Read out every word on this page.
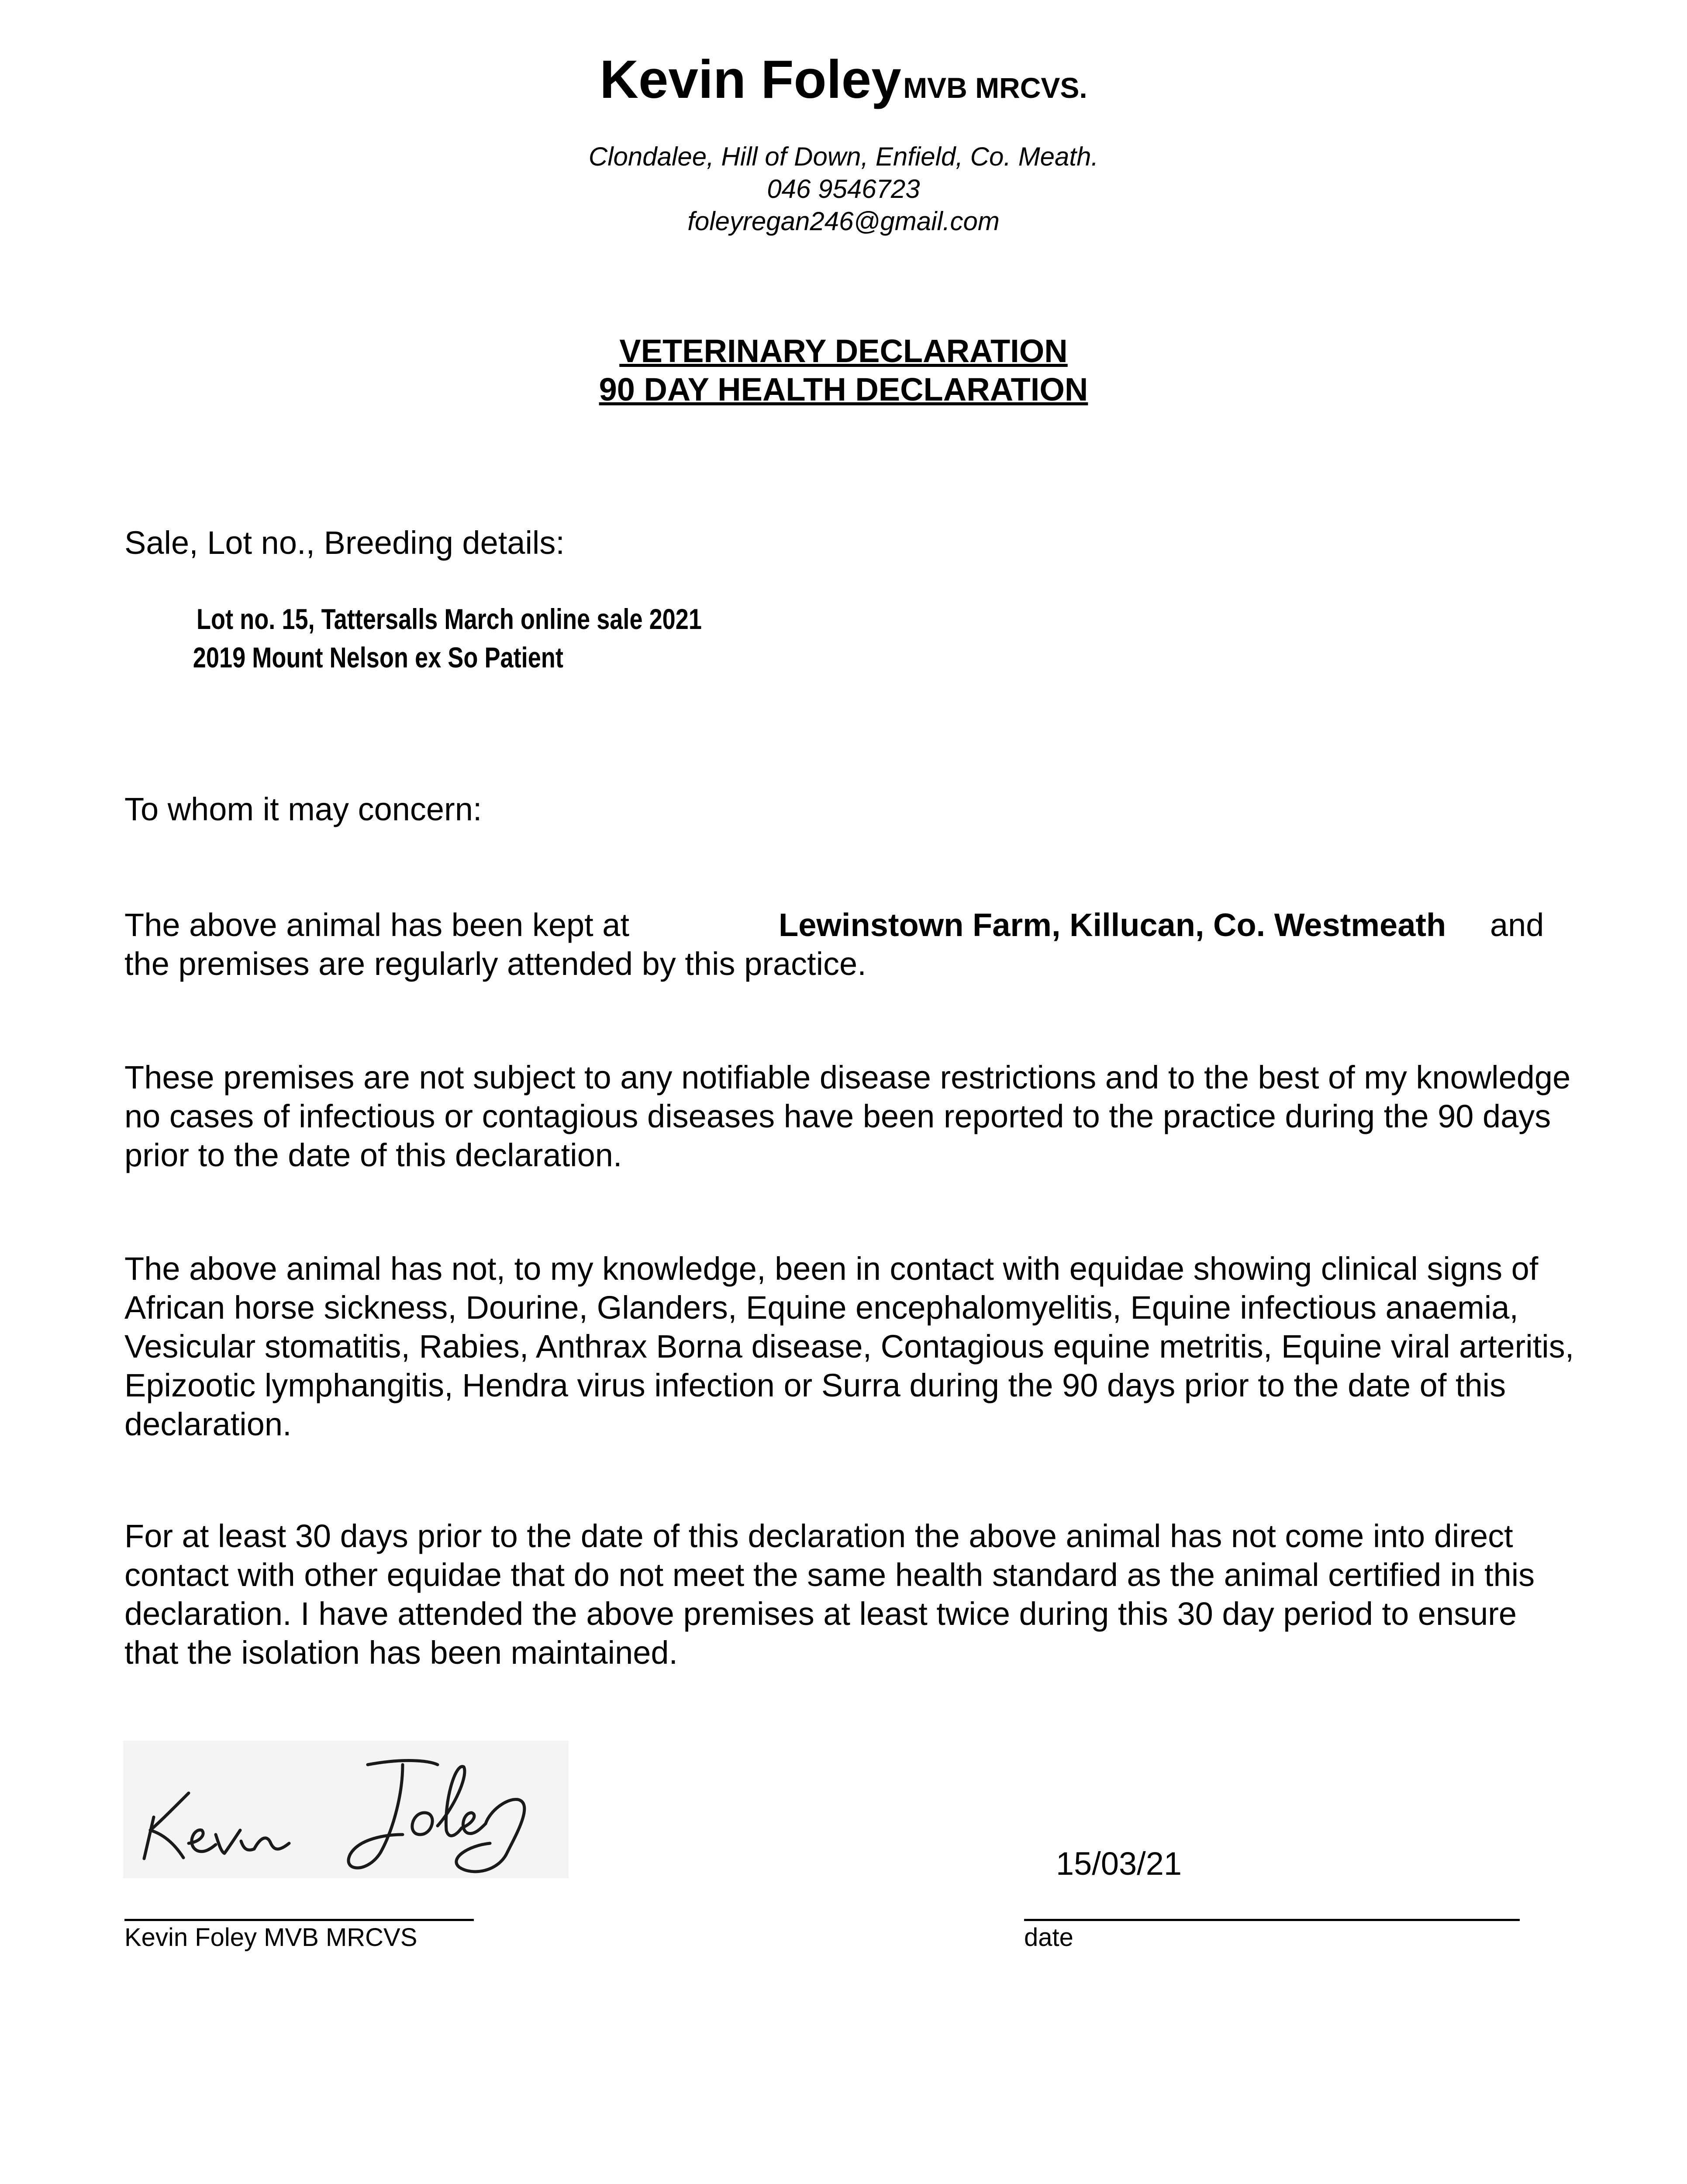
Kevin Foley MVB MRCVS.
Clondalee, Hill of Down, Enfield, Co. Meath.
046 9546723
foleyregan246@gmail.com
VETERINARY DECLARATION
90 DAY HEALTH DECLARATION
Sale, Lot no., Breeding details:
Lot no. 15, Tattersalls March online sale 2021
2019 Mount Nelson ex So Patient
To whom it may concern:
The above animal has been kept at	Lewinstown Farm, Killucan, Co. Westmeath and
the premises are regularly attended by this practice.
These premises are not subject to any notifiable disease restrictions and to the best of my knowledge no cases of infectious or contagious diseases have been reported to the practice during the 90 days prior to the date of this declaration.
The above animal has not, to my knowledge, been in contact with equidae showing clinical signs of African horse sickness, Dourine, Glanders, Equine encephalomyelitis, Equine infectious anaemia, Vesicular stomatitis, Rabies, Anthrax Borna disease, Contagious equine metritis, Equine viral arteritis, Epizootic lymphangitis, Hendra virus infection or Surra during the 90 days prior to the date of this declaration.
For at least 30 days prior to the date of this declaration the above animal has not come into direct contact with other equidae that do not meet the same health standard as the animal certified in this declaration. I have attended the above premises at least twice during this 30 day period to ensure that the isolation has been maintained.
15/03/21
Kevin Foley MVB MRCVS	date
